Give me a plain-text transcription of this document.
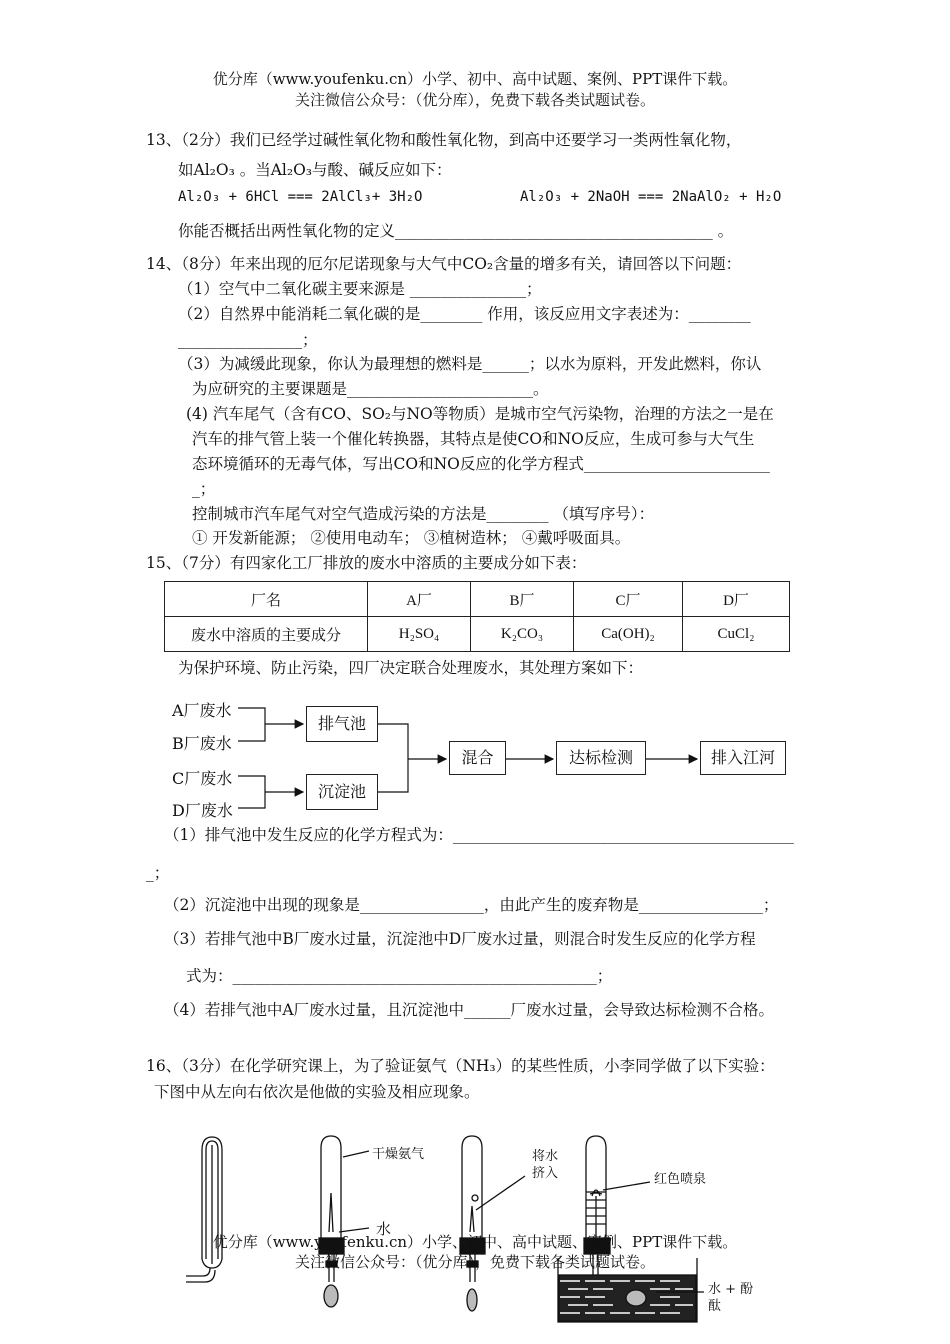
优分库（www.youfenku.cn）小学、初中、高中试题、案例、PPT课件下载。
关注微信公众号：（优分库），免费下载各类试题试卷。
13、（2分）我们已经学过碱性氧化物和酸性氧化物，到高中还要学习一类两性氧化物，
如Al₂O₃ 。当Al₂O₃与酸、碱反应如下：
Al₂O₃ + 6HCl === 2AlCl₃+ 3H₂O	Al₂O₃ + 2NaOH === 2NaAlO₂ + H₂O
你能否概括出两性氧化物的定义_________________________________________ 。
14、（8分）年来出现的厄尔尼诺现象与大气中CO₂含量的增多有关，请回答以下问题：
（1）空气中二氧化碳主要来源是 _______________；
（2）自然界中能消耗二氧化碳的是________ 作用，该反应用文字表述为：________
________________；
（3）为减缓此现象，你认为最理想的燃料是______；以水为原料，开发此燃料，你认
为应研究的主要课题是________________________。
(4) 汽车尾气（含有CO、SO₂与NO等物质）是城市空气污染物，治理的方法之一是在
汽车的排气管上装一个催化转换器，其特点是使CO和NO反应，生成可参与大气生
态环境循环的无毒气体，写出CO和NO反应的化学方程式________________________
_；
控制城市汽车尾气对空气造成污染的方法是________ （填写序号）：
① 开发新能源； ②使用电动车； ③植树造林； ④戴呼吸面具。
15、（7分）有四家化工厂排放的废水中溶质的主要成分如下表：
厂名	A厂	B厂	C厂	D厂
废水中溶质的主要成分	H₂SO₄	K₂CO₃	Ca(OH)₂	CuCl₂
为保护环境、防止污染，四厂决定联合处理废水，其处理方案如下：
A厂废水
B厂废水
C厂废水
D厂废水
排气池
沉淀池
混合	达标检测	排入江河
（1）排气池中发生反应的化学方程式为：____________________________________________
_；
（2）沉淀池中出现的现象是________________，由此产生的废弃物是________________；
（3）若排气池中B厂废水过量，沉淀池中D厂废水过量，则混合时发生反应的化学方程
式为：_______________________________________________；
（4）若排气池中A厂废水过量，且沉淀池中______厂废水过量，会导致达标检测不合格。
16、（3分）在化学研究课上，为了验证氨气（NH₃）的某些性质，小李同学做了以下实验：
下图中从左向右依次是他做的实验及相应现象。
干燥氨气
水
将水
挤入	红色喷泉
水 + 酚
酞
优分库（www.youfenku.cn）小学、初中、高中试题、案例、PPT课件下载。
关注微信公众号：（优分库），免费下载各类试题试卷。
